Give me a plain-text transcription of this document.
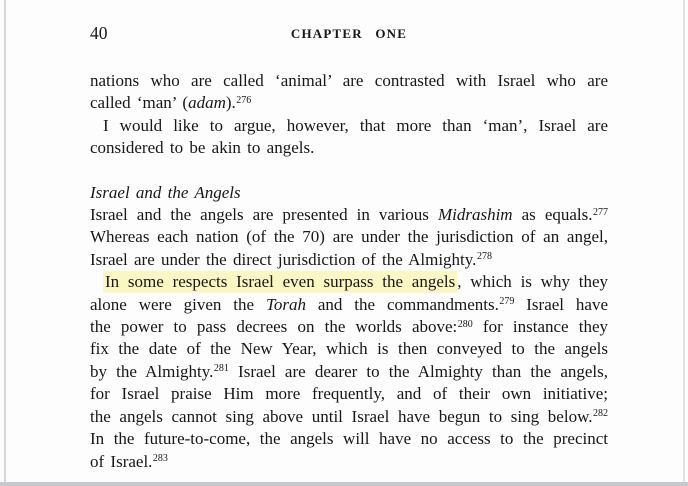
40	CHAPTER ONE
nations who are called ‘animal’ are contrasted with Israel who are
called ‘man’ (adam).$^{276}$
I would like to argue, however, that more than ‘man’, Israel are
considered to be akin to angels.
Israel and the Angels
Israel and the angels are presented in various Midrashim as equals.$^{277}$
Whereas each nation (of the 70) are under the jurisdiction of an angel,
Israel are under the direct jurisdiction of the Almighty.$^{278}$
In some respects Israel even surpass the angels , which is why they
alone were given the Torah and the commandments.$^{279}$ Israel have
the power to pass decrees on the worlds above:$^{280}$ for instance they
fix the date of the New Year, which is then conveyed to the angels
by the Almighty.$^{281}$ Israel are dearer to the Almighty than the angels,
for Israel praise Him more frequently, and of their own initiative;
the angels cannot sing above until Israel have begun to sing below.$^{282}$
In the future-to-come, the angels will have no access to the precinct
of Israel.$^{283}$
